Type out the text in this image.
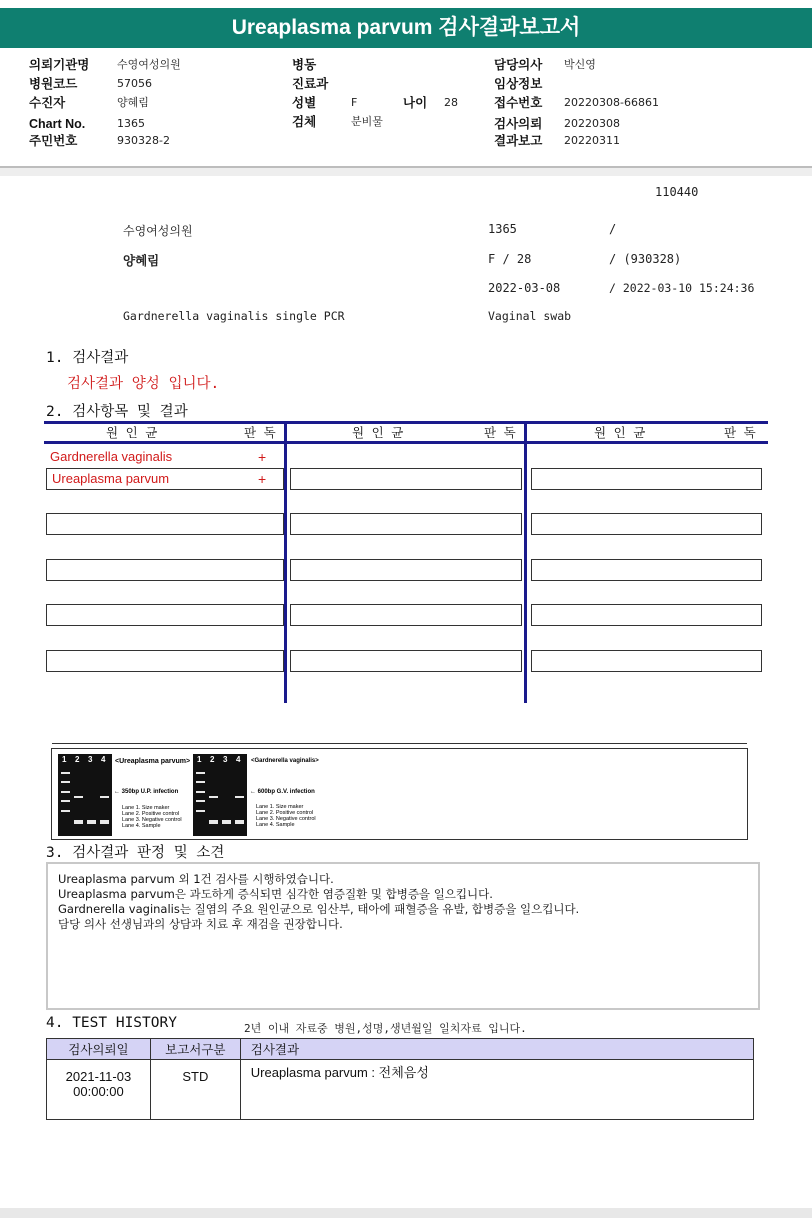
Ureaplasma parvum 검사결과보고서
의뢰기관명	수영여성의원
병원코드	57056
수진자	양혜림
Chart No.	1365
주민번호	930328-2
병동
진료과
성별	F	나이 28
검체	분비물
담당의사 박신영
임상정보
접수번호 20220308-66861
검사의뢰 20220308
결과보고 20220311
110440
수영여성의원	1365	/
양혜림	F / 28	/ (930328)
2022-03-08	/ 2022-03-10 15:24:36
Gardnerella vaginalis single PCR	Vaginal swab
1. 검사결과
검사결과 양성 입니다.
2. 검사항목 및 결과
원 인 균	판 독	원 인 균	판 독	원 인 균	판 독
Gardnerella vaginalis	+
Ureaplasma parvum	+
1 2 3 4 <Ureaplasma parvum>
← 350bp U.P. infection
Lane 1. Size maker
Lane 2. Positive control
Lane 3. Negative control
Lane 4. Sample
1 2 3 4 <Gardnerella vaginalis>
← 600bp G.V. infection
Lane 1. Size maker
Lane 2. Positive control
Lane 3. Negative control
Lane 4. Sample
3. 검사결과 판정 및 소견
Ureaplasma parvum 외 1건 검사를 시행하였습니다.
Ureaplasma parvum은 과도하게 증식되면 심각한 염증질환 및 합병증을 일으킵니다.
Gardnerella vaginalis는 질염의 주요 원인균으로 임산부, 태아에 패혈증을 유발, 합병증을 일으킵니다.
담당 의사 선생님과의 상담과 치료 후 재검을 권장합니다.
4. TEST HISTORY	2년 이내 자료중 병원,성명,생년월일 일치자료 입니다.
검사의뢰일	보고서구분	검사결과

2021-11-03
00:00:00	STD	Ureaplasma parvum : 전체음성
